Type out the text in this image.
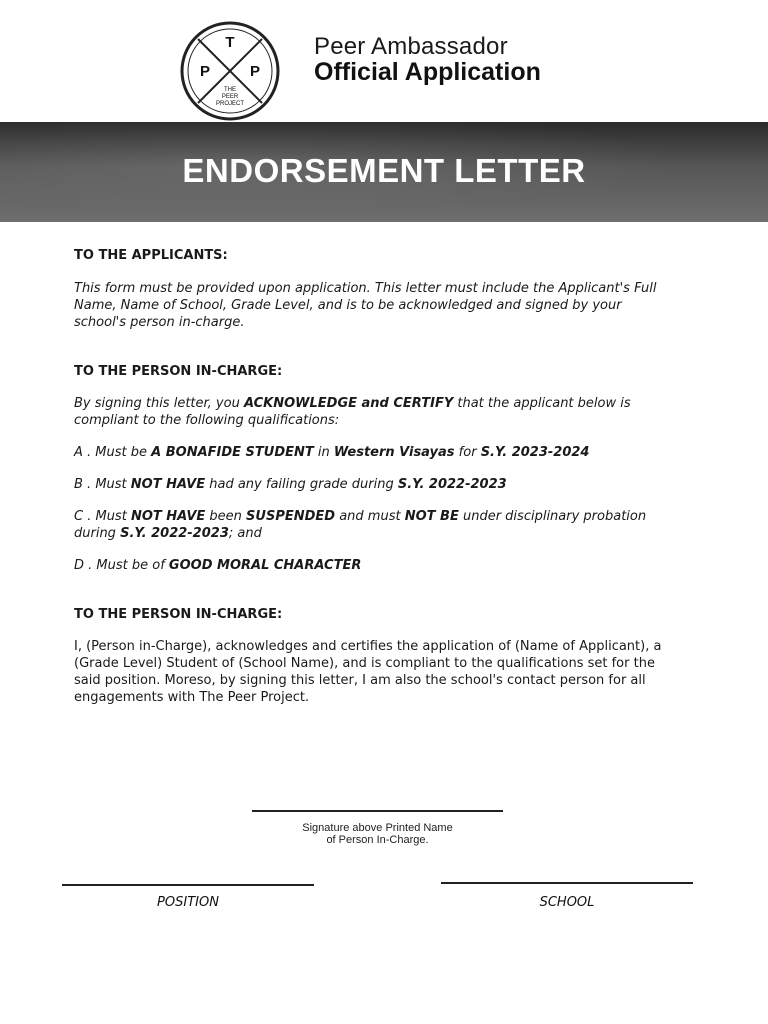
T
P	P
THE
PEER
PROJECT
Peer Ambassador
Official Application
ENDORSEMENT LETTER

TO THE APPLICANTS:

This form must be provided upon application. This letter must include the Applicant's Full Name, Name of School, Grade Level, and is to be acknowledged and signed by your school's person in-charge.

TO THE PERSON IN-CHARGE:

By signing this letter, you ACKNOWLEDGE and CERTIFY that the applicant below is compliant to the following qualifications:

A . Must be A BONAFIDE STUDENT in Western Visayas for S.Y. 2023-2024

B . Must NOT HAVE had any failing grade during S.Y. 2022-2023

C . Must NOT HAVE been SUSPENDED and must NOT BE under disciplinary probation during S.Y. 2022-2023; and

D . Must be of GOOD MORAL CHARACTER

TO THE PERSON IN-CHARGE:

I, (Person in-Charge), acknowledges and certifies the application of (Name of Applicant), a (Grade Level) Student of (School Name), and is compliant to the qualifications set for the said position. Moreso, by signing this letter, I am also the school's contact person for all engagements with The Peer Project.

Signature above Printed Name
of Person In-Charge.
POSITION	SCHOOL
